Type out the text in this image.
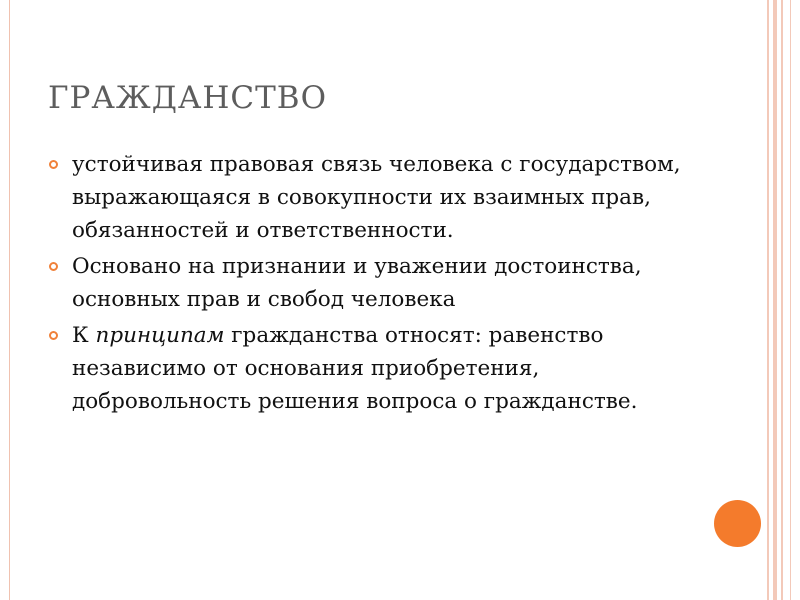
ГРАЖДАНСТВО
устойчивая правовая связь человека с государством, выражающаяся в совокупности их взаимных прав, обязанностей и ответственности.
Основано на признании и уважении достоинства, основных прав и свобод человека
К принципам гражданства относят: равенство независимо от основания приобретения, добровольность решения вопроса о гражданстве.
